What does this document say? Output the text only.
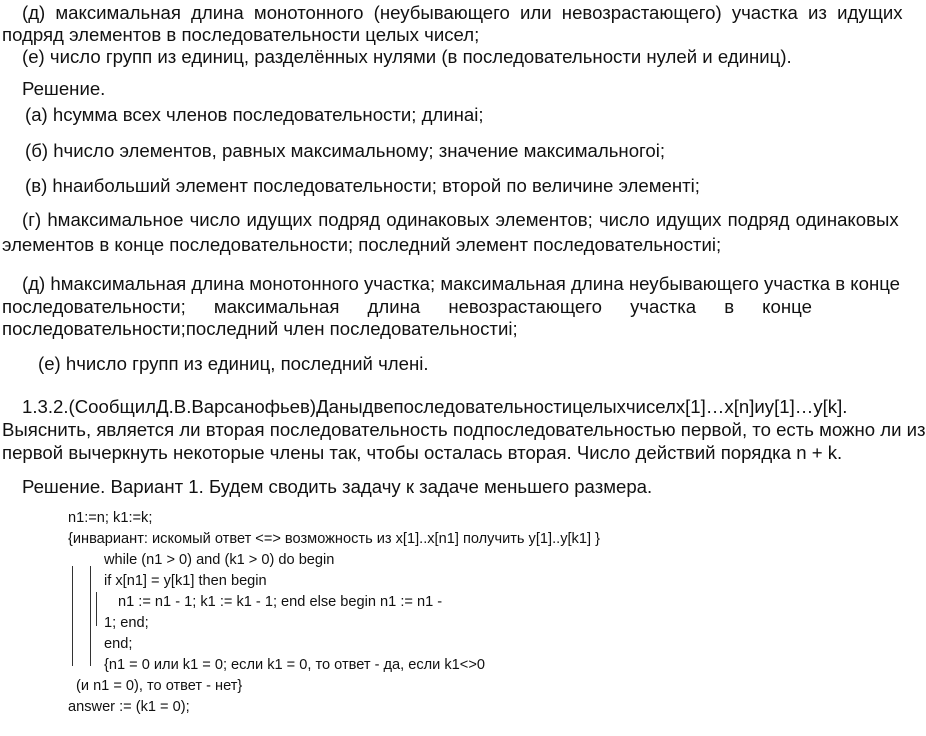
(д) максимальная длина монотонного (неубывающего или невозрастающего) участка из идущих
подряд элементов в последовательности целых чисел;
(е) число групп из единиц, разделённых нулями (в последовательности нулей и единиц).
Решение.
(а) hсумма всех членов последовательности; длинаi;
(б) hчисло элементов, равных максимальному; значение максимальногоi;
(в) hнаибольший элемент последовательности; второй по величине элементi;
(г) hмаксимальное число идущих подряд одинаковых элементов; число идущих подряд одинаковых
элементов в конце последовательности; последний элемент последовательностиi;
(д) hмаксимальная длина монотонного участка; максимальная длина неубывающего участка в конце
последовательности; максимальная длина невозрастающего участка в конце
последовательности;последний член последовательностиi;
(е) hчисло групп из единиц, последний членi.
1.3.2. (Сообщил Д.В.Варсанофьев) Даны две последовательности целых чисел x[1]…x[n] и y[1]…y[k].
Выяснить, является ли вторая последовательность подпоследовательностью первой, то есть можно ли из
первой вычеркнуть некоторые члены так, чтобы осталась вторая. Число действий порядка n + k.
Решение. Вариант 1. Будем сводить задачу к задаче меньшего размера.
n1:=n; k1:=k;
{инвариант: искомый ответ <=> возможность из x[1]..x[n1] получить y[1]..y[k1] }
while (n1 > 0) and (k1 > 0) do begin
if x[n1] = y[k1] then begin
n1 := n1 - 1; k1 := k1 - 1; end else begin n1 := n1 -
1; end;
end;
{n1 = 0 или k1 = 0; если k1 = 0, то ответ - да, если k1<>0
(и n1 = 0), то ответ - нет}
answer := (k1 = 0);
